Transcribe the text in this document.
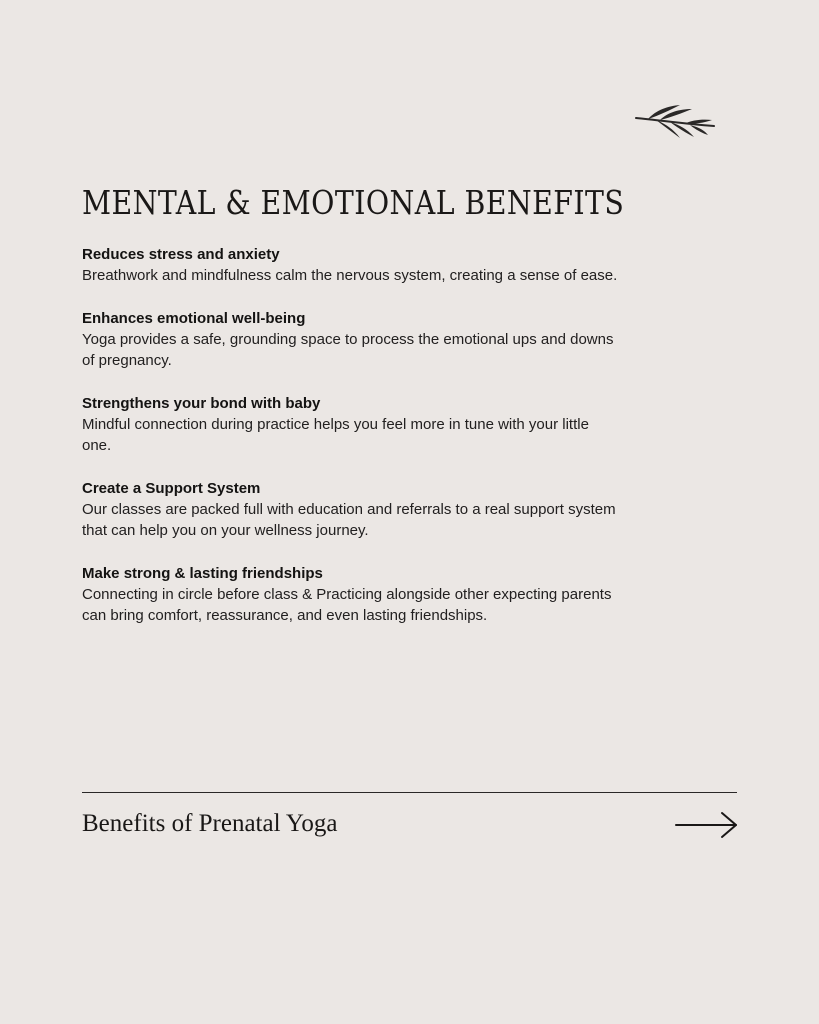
MENTAL & EMOTIONAL BENEFITS
Reduces stress and anxiety

Breathwork and mindfulness calm the nervous system, creating a sense of ease.

Enhances emotional well-being

Yoga provides a safe, grounding space to process the emotional ups and downs of pregnancy.

Strengthens your bond with baby

Mindful connection during practice helps you feel more in tune with your little one.

Create a Support System

Our classes are packed full with education and referrals to a real support system that can help you on your wellness journey.

Make strong & lasting friendships

Connecting in circle before class & Practicing alongside other expecting parents can bring comfort, reassurance, and even lasting friendships.

Benefits of Prenatal Yoga
